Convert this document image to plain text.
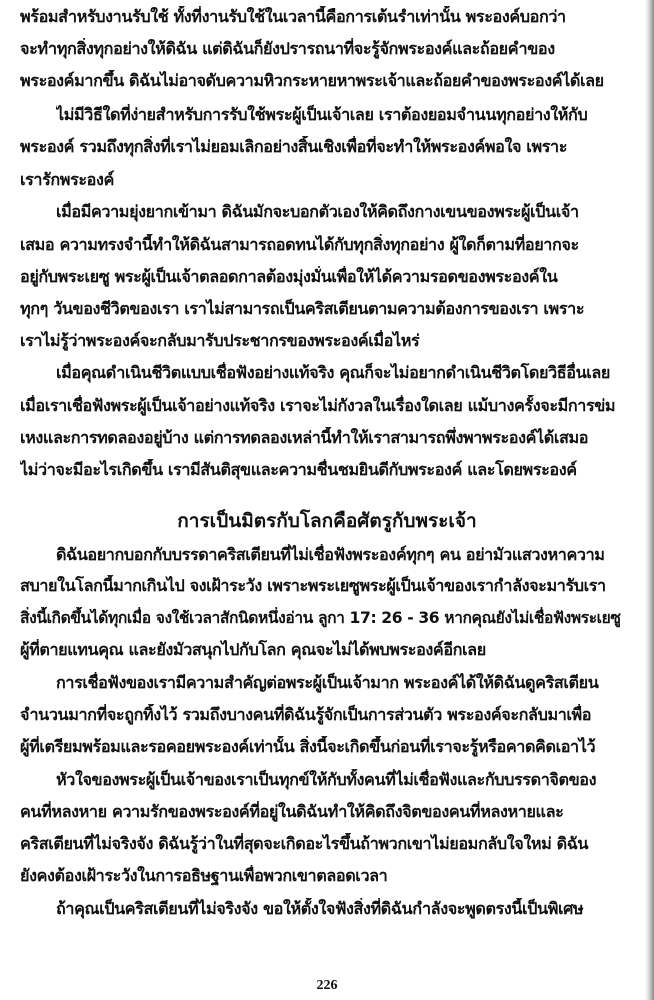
พร้อมสำหรับงานรับใช้ ทั้งที่งานรับใช้ในเวลานี้คือการเต้นรำเท่านั้น พระองค์บอกว่า
จะทำทุกสิ่งทุกอย่างให้ดิฉัน แต่ดิฉันก็ยังปรารถนาที่จะรู้จักพระองค์และถ้อยคำของ
พระองค์มากขึ้น ดิฉันไม่อาจดับความหิวกระหายหาพระเจ้าและถ้อยคำของพระองค์ได้เลย
ไม่มีวิธีใดที่ง่ายสำหรับการรับใช้พระผู้เป็นเจ้าเลย เราต้องยอมจำนนทุกอย่างให้กับ
พระองค์ รวมถึงทุกสิ่งที่เราไม่ยอมเลิกอย่างสิ้นเชิงเพื่อที่จะทำให้พระองค์พอใจ เพราะ
เรารักพระองค์
เมื่อมีความยุ่งยากเข้ามา ดิฉันมักจะบอกตัวเองให้คิดถึงกางเขนของพระผู้เป็นเจ้า
เสมอ ความทรงจำนี้ทำให้ดิฉันสามารถอดทนได้กับทุกสิ่งทุกอย่าง ผู้ใดก็ตามที่อยากจะ
อยู่กับพระเยซู พระผู้เป็นเจ้าตลอดกาลต้องมุ่งมั่นเพื่อให้ได้ความรอดของพระองค์ใน
ทุกๆ วันของชีวิตของเรา เราไม่สามารถเป็นคริสเตียนตามความต้องการของเรา เพราะ
เราไม่รู้ว่าพระองค์จะกลับมารับประชากรของพระองค์เมื่อไหร่
เมื่อคุณดำเนินชีวิตแบบเชื่อฟังอย่างแท้จริง คุณก็จะไม่อยากดำเนินชีวิตโดยวิธีอื่นเลย
เมื่อเราเชื่อฟังพระผู้เป็นเจ้าอย่างแท้จริง เราจะไม่กังวลในเรื่องใดเลย แม้บางครั้งจะมีการข่ม
เหงและการทดลองอยู่บ้าง แต่การทดลองเหล่านี้ทำให้เราสามารถพึ่งพาพระองค์ได้เสมอ
ไม่ว่าจะมีอะไรเกิดขึ้น เรามีสันติสุขและความชื่นชมยินดีกับพระองค์ และโดยพระองค์
การเป็นมิตรกับโลกคือศัตรูกับพระเจ้า
ดิฉันอยากบอกกับบรรดาคริสเตียนที่ไม่เชื่อฟังพระองค์ทุกๆ คน อย่ามัวแสวงหาความ
สบายในโลกนี้มากเกินไป จงเฝ้าระวัง เพราะพระเยซูพระผู้เป็นเจ้าของเรากำลังจะมารับเรา
สิ่งนี้เกิดขึ้นได้ทุกเมื่อ จงใช้เวลาสักนิดหนึ่งอ่าน ลูกา 17: 26 - 36 หากคุณยังไม่เชื่อฟังพระเยซู
ผู้ที่ตายแทนคุณ และยังมัวสนุกไปกับโลก คุณจะไม่ได้พบพระองค์อีกเลย
การเชื่อฟังของเรามีความสำคัญต่อพระผู้เป็นเจ้ามาก พระองค์ได้ให้ดิฉันดูคริสเตียน
จำนวนมากที่จะถูกทิ้งไว้ รวมถึงบางคนที่ดิฉันรู้จักเป็นการส่วนตัว พระองค์จะกลับมาเพื่อ
ผู้ที่เตรียมพร้อมและรอคอยพระองค์เท่านั้น สิ่งนี้จะเกิดขึ้นก่อนที่เราจะรู้หรือคาดคิดเอาไว้
หัวใจของพระผู้เป็นเจ้าของเราเป็นทุกข์ให้กับทั้งคนที่ไม่เชื่อฟังและกับบรรดาจิตของ
คนที่หลงหาย ความรักของพระองค์ที่อยู่ในดิฉันทำให้คิดถึงจิตของคนที่หลงหายและ
คริสเตียนที่ไม่จริงจัง ดิฉันรู้ว่าในที่สุดจะเกิดอะไรขึ้นถ้าพวกเขาไม่ยอมกลับใจใหม่ ดิฉัน
ยังคงต้องเฝ้าระวังในการอธิษฐานเพื่อพวกเขาตลอดเวลา
ถ้าคุณเป็นคริสเตียนที่ไม่จริงจัง ขอให้ตั้งใจฟังสิ่งที่ดิฉันกำลังจะพูดตรงนี้เป็นพิเศษ
226
